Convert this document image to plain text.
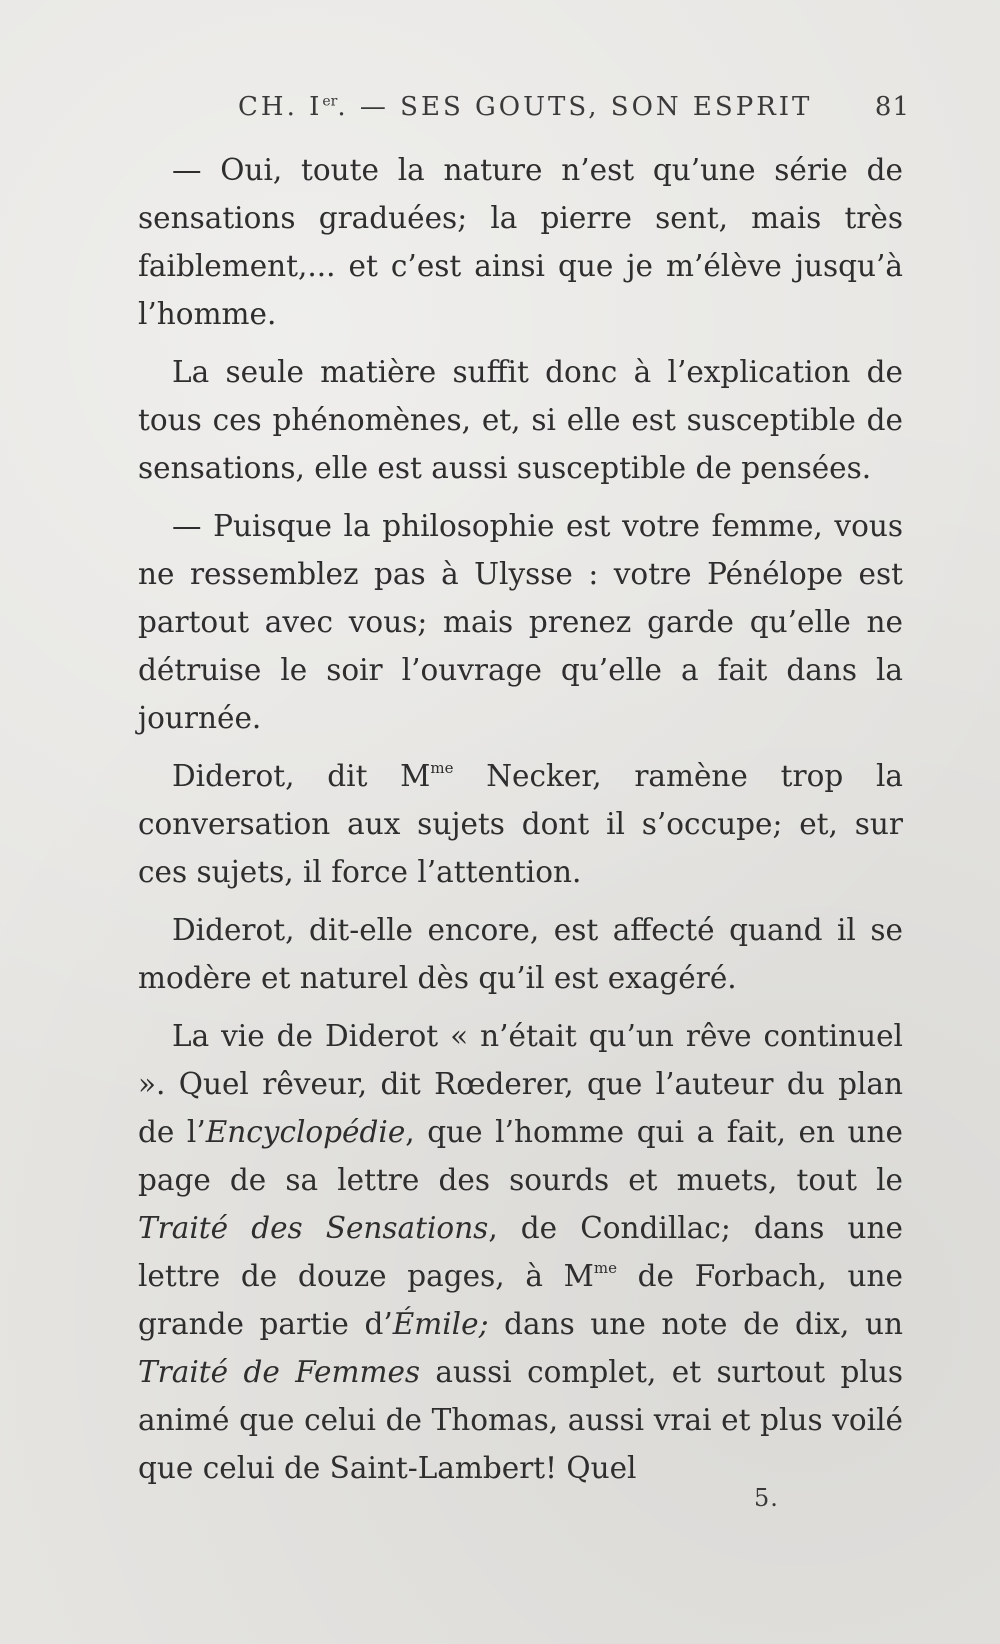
CH. Ier. — SES GOUTS, SON ESPRIT 81

— Oui, toute la nature n’est qu’une série de sensations graduées; la pierre sent, mais très faiblement,... et c’est ainsi que je m’élève jusqu’à l’homme.

La seule matière suffit donc à l’explication de tous ces phénomènes, et, si elle est susceptible de sensations, elle est aussi susceptible de pensées.

— Puisque la philosophie est votre femme, vous ne ressemblez pas à Ulysse : votre Pénélope est partout avec vous; mais prenez garde qu’elle ne détruise le soir l’ouvrage qu’elle a fait dans la journée.

Diderot, dit $M^{me}$ Necker, ramène trop la conversation aux sujets dont il s’occupe; et, sur ces sujets, il force l’attention.

Diderot, dit-elle encore, est affecté quand il se modère et naturel dès qu’il est exagéré.

La vie de Diderot « n’était qu’un rêve continuel ». Quel rêveur, dit Rœderer, que l’auteur du plan de l’Encyclopédie, que l’homme qui a fait, en une page de sa lettre des sourds et muets, tout le Traité des Sensations, de Condillac; dans une lettre de douze pages, à $M^{me}$ de Forbach, une grande partie d’Émile; dans une note de dix, un Traité de Femmes aussi complet, et surtout plus animé que celui de Thomas, aussi vrai et plus voilé que celui de Saint-Lambert! Quel

5.
